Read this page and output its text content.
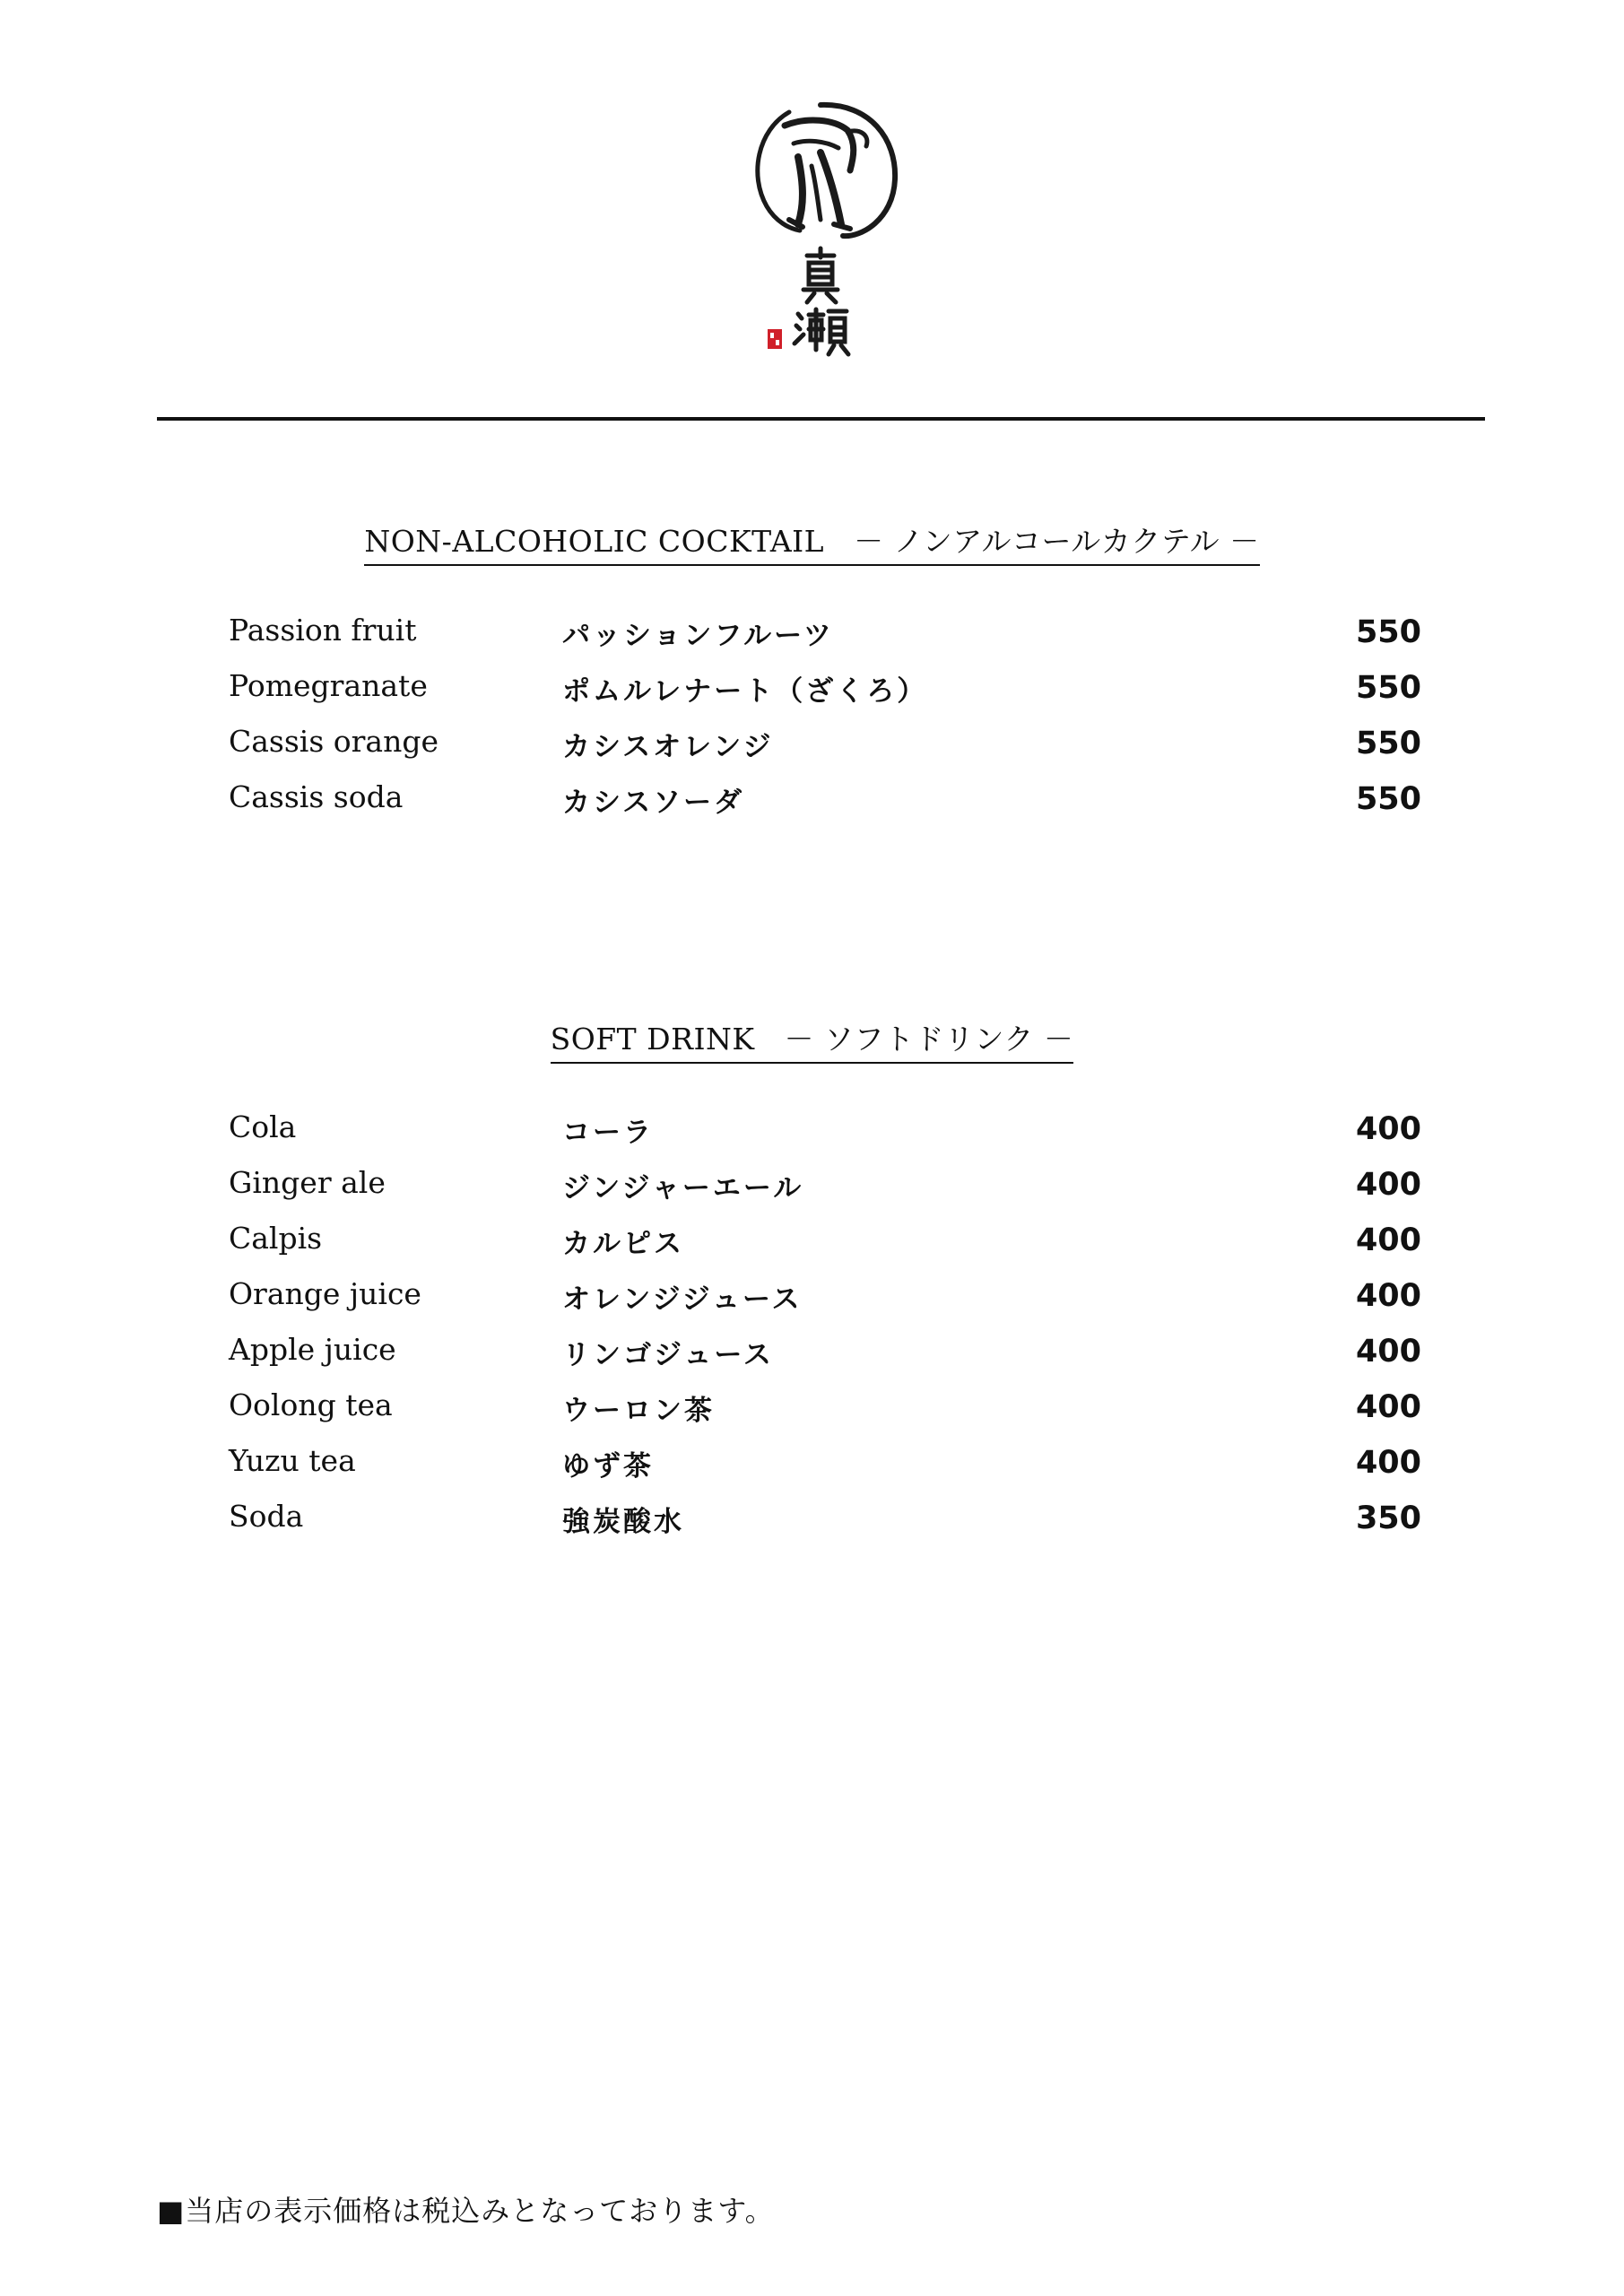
NON-ALCOHOLIC COCKTAIL － ノンアルコールカクテル －
Passion fruit	パッションフルーツ	550
Pomegranate	ポムルレナート（ざくろ）	550
Cassis orange	カシスオレンジ	550
Cassis soda	カシスソーダ	550
SOFT DRINK － ソフトドリンク －
Cola	コーラ	400
Ginger ale	ジンジャーエール	400
Calpis	カルピス	400
Orange juice	オレンジジュース	400
Apple juice	リンゴジュース	400
Oolong tea	ウーロン茶	400
Yuzu tea	ゆず茶	400
Soda	強炭酸水	350
■当店の表示価格は税込みとなっております。
